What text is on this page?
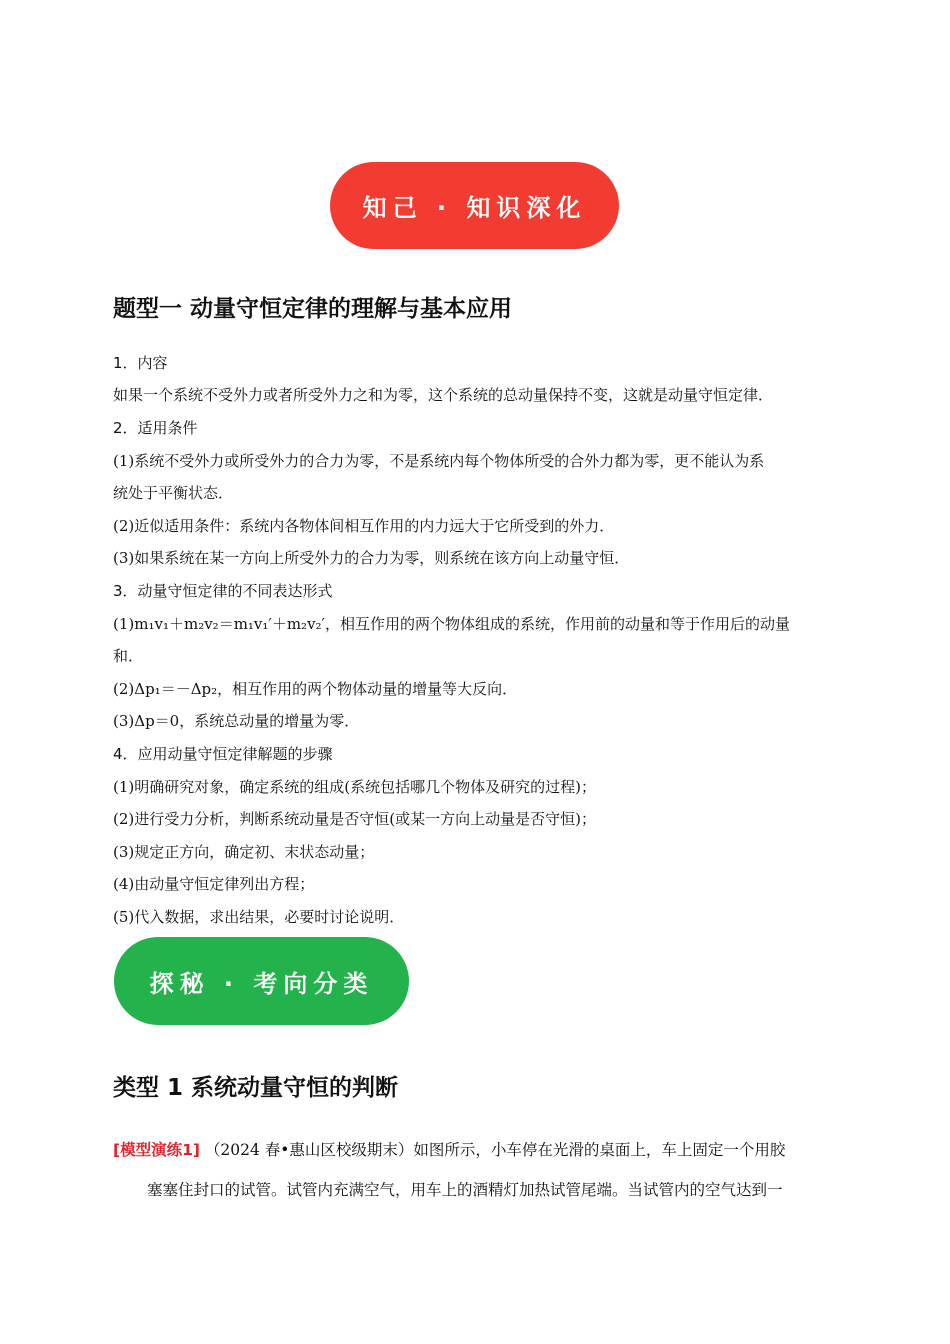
知己 · 知识深化
题型一 动量守恒定律的理解与基本应用
1．内容
如果一个系统不受外力或者所受外力之和为零，这个系统的总动量保持不变，这就是动量守恒定律．
2．适用条件
(1)系统不受外力或所受外力的合力为零，不是系统内每个物体所受的合外力都为零，更不能认为系
统处于平衡状态．
(2)近似适用条件：系统内各物体间相互作用的内力远大于它所受到的外力．
(3)如果系统在某一方向上所受外力的合力为零，则系统在该方向上动量守恒．
3．动量守恒定律的不同表达形式
(1)m₁v₁＋m₂v₂＝m₁v₁′＋m₂v₂′，相互作用的两个物体组成的系统，作用前的动量和等于作用后的动量
和．
(2)Δp₁＝－Δp₂，相互作用的两个物体动量的增量等大反向．
(3)Δp＝0，系统总动量的增量为零．
4．应用动量守恒定律解题的步骤
(1)明确研究对象，确定系统的组成(系统包括哪几个物体及研究的过程)；
(2)进行受力分析，判断系统动量是否守恒(或某一方向上动量是否守恒)；
(3)规定正方向，确定初、末状态动量；
(4)由动量守恒定律列出方程；
(5)代入数据，求出结果，必要时讨论说明．
探秘 · 考向分类
类型 1 系统动量守恒的判断
[模型演练1] （2024 春•惠山区校级期末）如图所示，小车停在光滑的桌面上，车上固定一个用胶
塞塞住封口的试管。试管内充满空气，用车上的酒精灯加热试管尾端。当试管内的空气达到一
